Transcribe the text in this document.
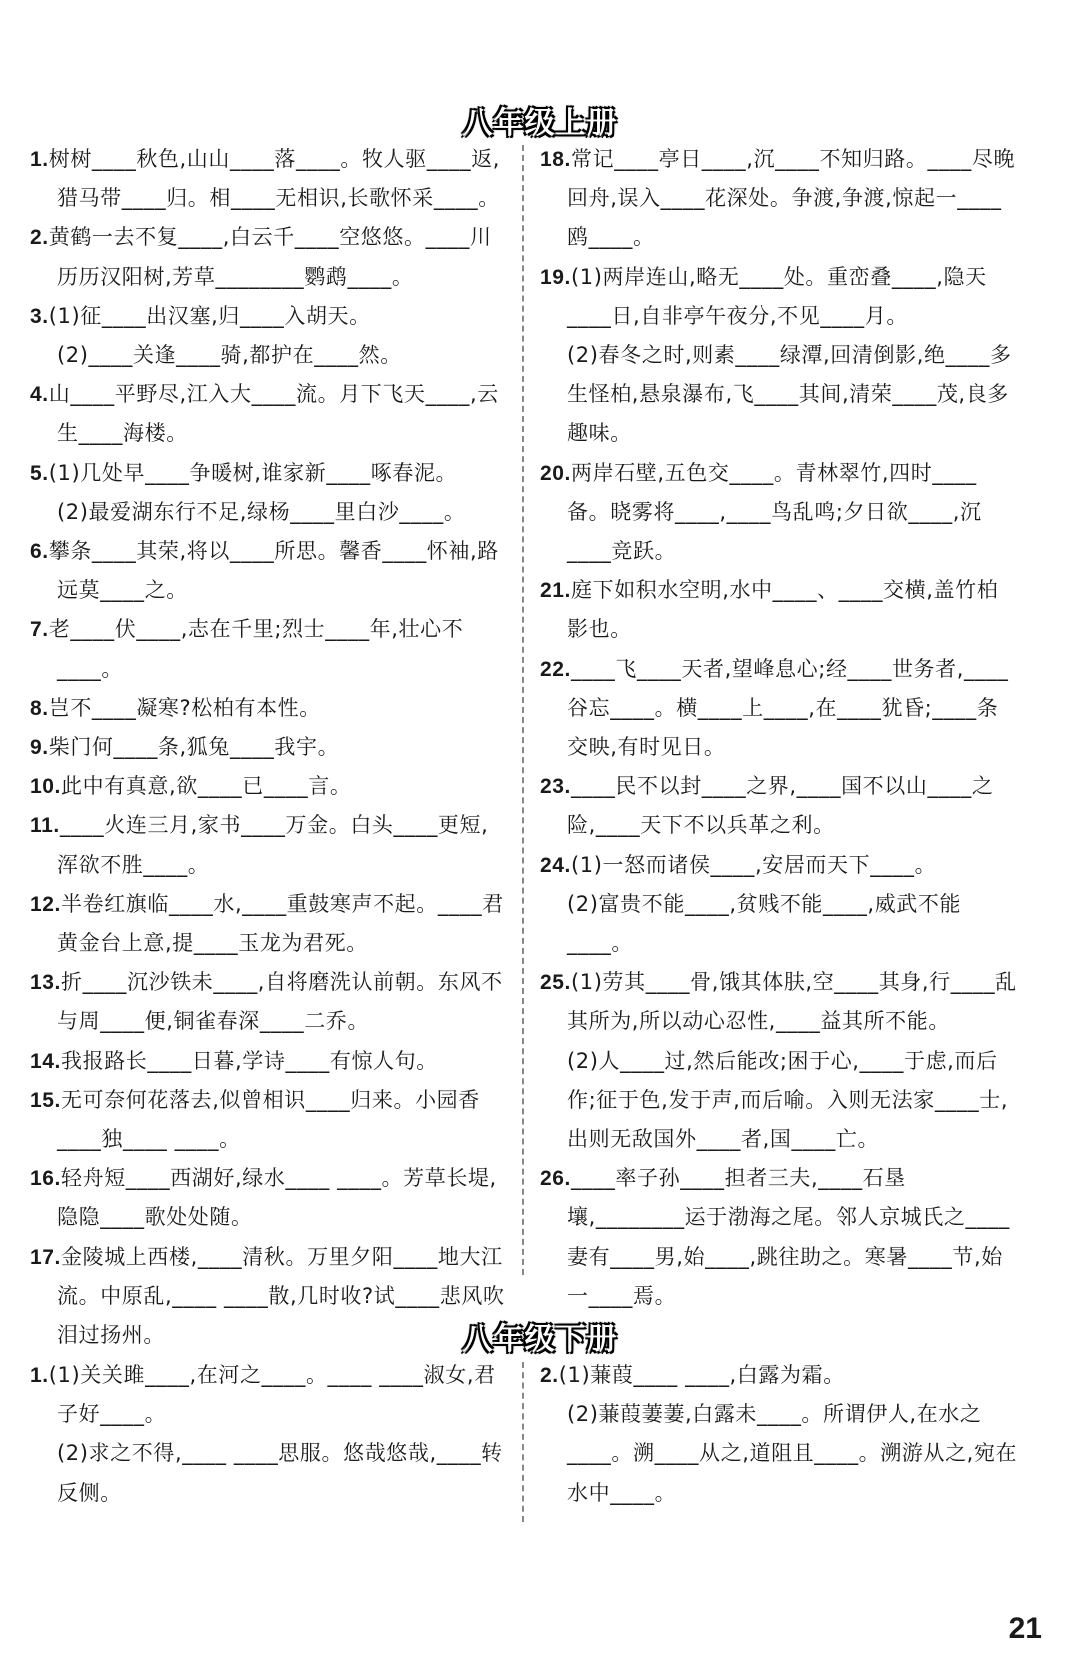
八年级上册

1.树树____秋色,山山____落____。牧人驱____返,猎马带____归。相____无相识,长歌怀采____。

2.黄鹤一去不复____,白云千____空悠悠。____川历历汉阳树,芳草________鹦鹉____。

3.(1)征____出汉塞,归____入胡天。

(2)____关逢____骑,都护在____然。

4.山____平野尽,江入大____流。月下飞天____,云生____海楼。

5.(1)几处早____争暖树,谁家新____啄春泥。

(2)最爱湖东行不足,绿杨____里白沙____。

6.攀条____其荣,将以____所思。馨香____怀袖,路远莫____之。

7.老____伏____,志在千里;烈士____年,壮心不____。

8.岂不____凝寒?松柏有本性。

9.柴门何____条,狐兔____我宇。

10.此中有真意,欲____已____言。

11.____火连三月,家书____万金。白头____更短,浑欲不胜____。

12.半卷红旗临____水,____重鼓寒声不起。____君黄金台上意,提____玉龙为君死。

13.折____沉沙铁未____,自将磨洗认前朝。东风不与周____便,铜雀春深____二乔。

14.我报路长____日暮,学诗____有惊人句。

15.无可奈何花落去,似曾相识____归来。小园香____独____ ____。

16.轻舟短____西湖好,绿水____ ____。芳草长堤,隐隐____歌处处随。

17.金陵城上西楼,____清秋。万里夕阳____地大江流。中原乱,____ ____散,几时收?试____悲风吹泪过扬州。

18.常记____亭日____,沉____不知归路。____尽晚回舟,误入____花深处。争渡,争渡,惊起一____鸥____。

19.(1)两岸连山,略无____处。重峦叠____,隐天____日,自非亭午夜分,不见____月。

(2)春冬之时,则素____绿潭,回清倒影,绝____多生怪柏,悬泉瀑布,飞____其间,清荣____茂,良多趣味。

20.两岸石壁,五色交____。青林翠竹,四时____备。晓雾将____,____鸟乱鸣;夕日欲____,沉____竞跃。

21.庭下如积水空明,水中____、____交横,盖竹柏影也。

22.____飞____天者,望峰息心;经____世务者,____谷忘____。横____上____,在____犹昏;____条交映,有时见日。

23.____民不以封____之界,____国不以山____之险,____天下不以兵革之利。

24.(1)一怒而诸侯____,安居而天下____。

(2)富贵不能____,贫贱不能____,威武不能____。

25.(1)劳其____骨,饿其体肤,空____其身,行____乱其所为,所以动心忍性,____益其所不能。

(2)人____过,然后能改;困于心,____于虑,而后作;征于色,发于声,而后喻。入则无法家____士,出则无敌国外____者,国____亡。

26.____率子孙____担者三夫,____石垦壤,________运于渤海之尾。邻人京城氏之____妻有____男,始____,跳往助之。寒暑____节,始一____焉。

八年级下册

1.(1)关关雎____,在河之____。____ ____淑女,君子好____。

(2)求之不得,____ ____思服。悠哉悠哉,____转反侧。

2.(1)蒹葭____ ____,白露为霜。

(2)蒹葭萋萋,白露未____。所谓伊人,在水之____。溯____从之,道阻且____。溯游从之,宛在水中____。

21
